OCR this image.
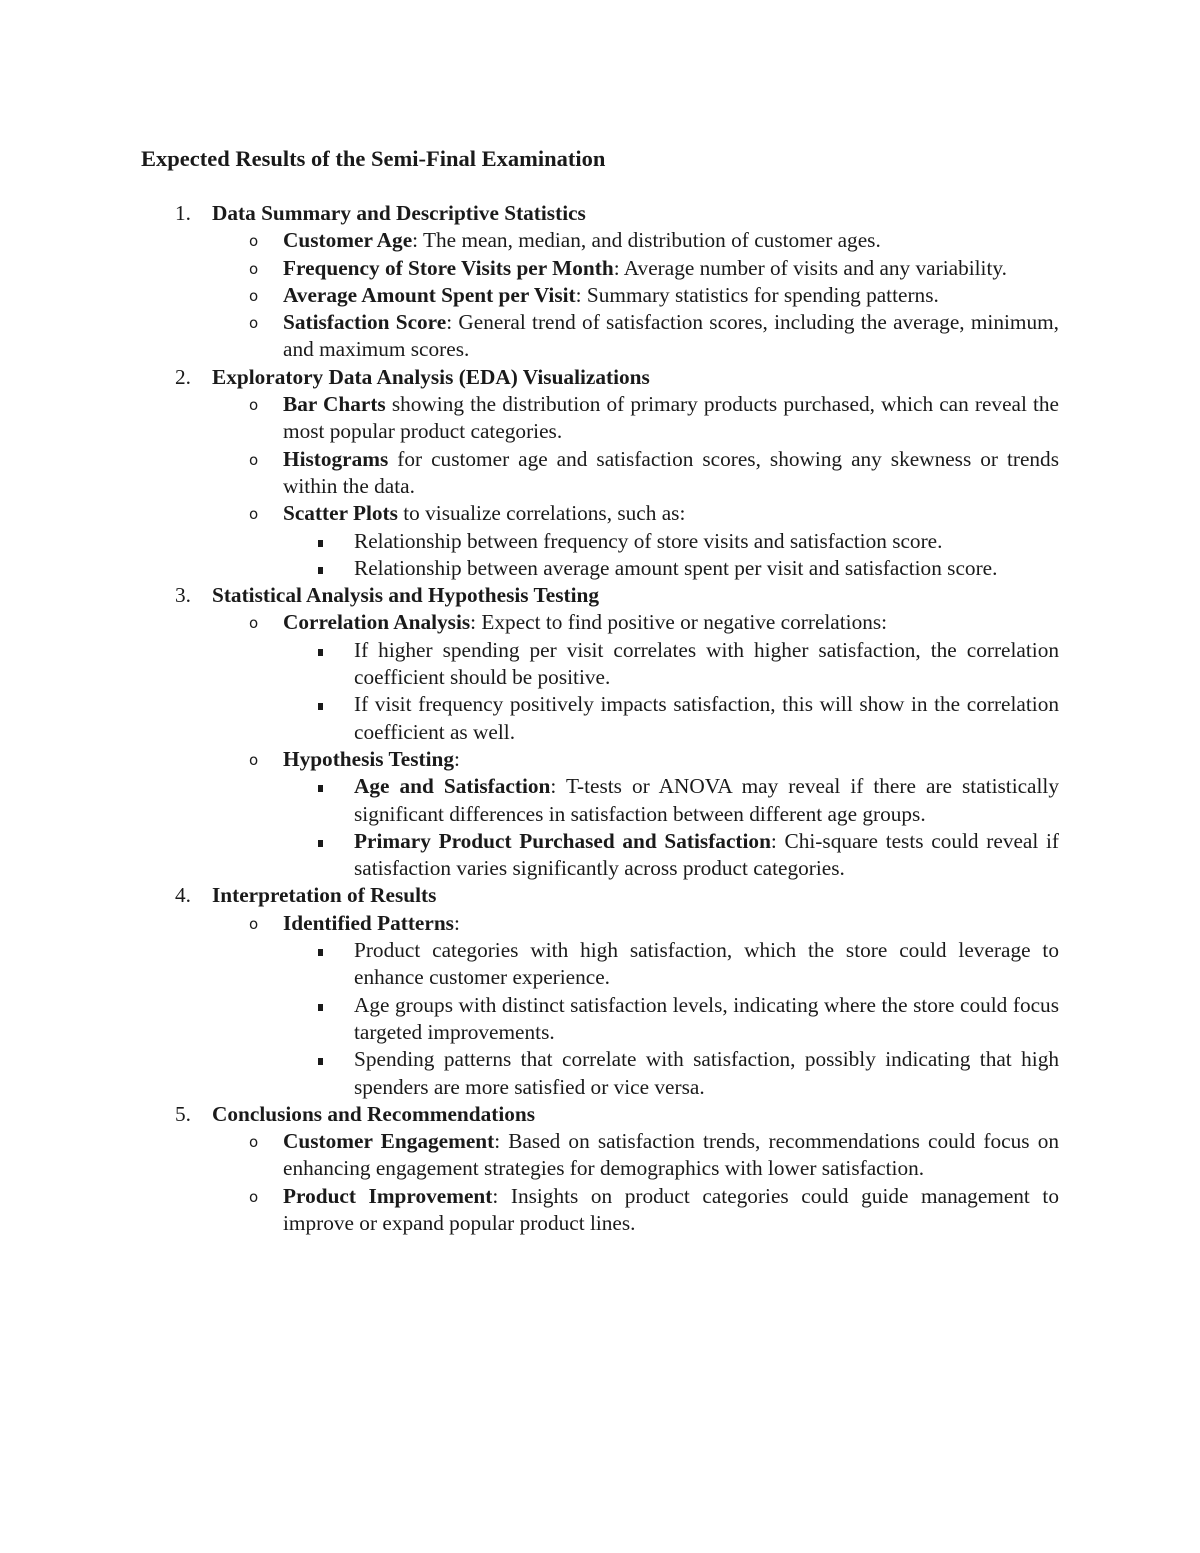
Expected Results of the Semi-Final Examination
1. Data Summary and Descriptive Statistics
o	Customer Age: The mean, median, and distribution of customer ages.
o	Frequency of Store Visits per Month: Average number of visits and any variability.
o	Average Amount Spent per Visit: Summary statistics for spending patterns.
o	Satisfaction Score: General trend of satisfaction scores, including the average, minimum, and maximum scores.
2. Exploratory Data Analysis (EDA) Visualizations
o	Bar Charts showing the distribution of primary products purchased, which can reveal the most popular product categories.
o	Histograms for customer age and satisfaction scores, showing any skewness or trends within the data.
o	Scatter Plots to visualize correlations, such as:
Relationship between frequency of store visits and satisfaction score.
Relationship between average amount spent per visit and satisfaction score.
3. Statistical Analysis and Hypothesis Testing
o	Correlation Analysis: Expect to find positive or negative correlations:
If higher spending per visit correlates with higher satisfaction, the correlation coefficient should be positive.
If visit frequency positively impacts satisfaction, this will show in the correlation coefficient as well.
o	Hypothesis Testing:
Age and Satisfaction: T-tests or ANOVA may reveal if there are statistically significant differences in satisfaction between different age groups.
Primary Product Purchased and Satisfaction: Chi-square tests could reveal if satisfaction varies significantly across product categories.
4. Interpretation of Results
o	Identified Patterns:
Product categories with high satisfaction, which the store could leverage to enhance customer experience.
Age groups with distinct satisfaction levels, indicating where the store could focus targeted improvements.
Spending patterns that correlate with satisfaction, possibly indicating that high spenders are more satisfied or vice versa.
5. Conclusions and Recommendations
o	Customer Engagement: Based on satisfaction trends, recommendations could focus on enhancing engagement strategies for demographics with lower satisfaction.
o	Product Improvement: Insights on product categories could guide management to improve or expand popular product lines.
